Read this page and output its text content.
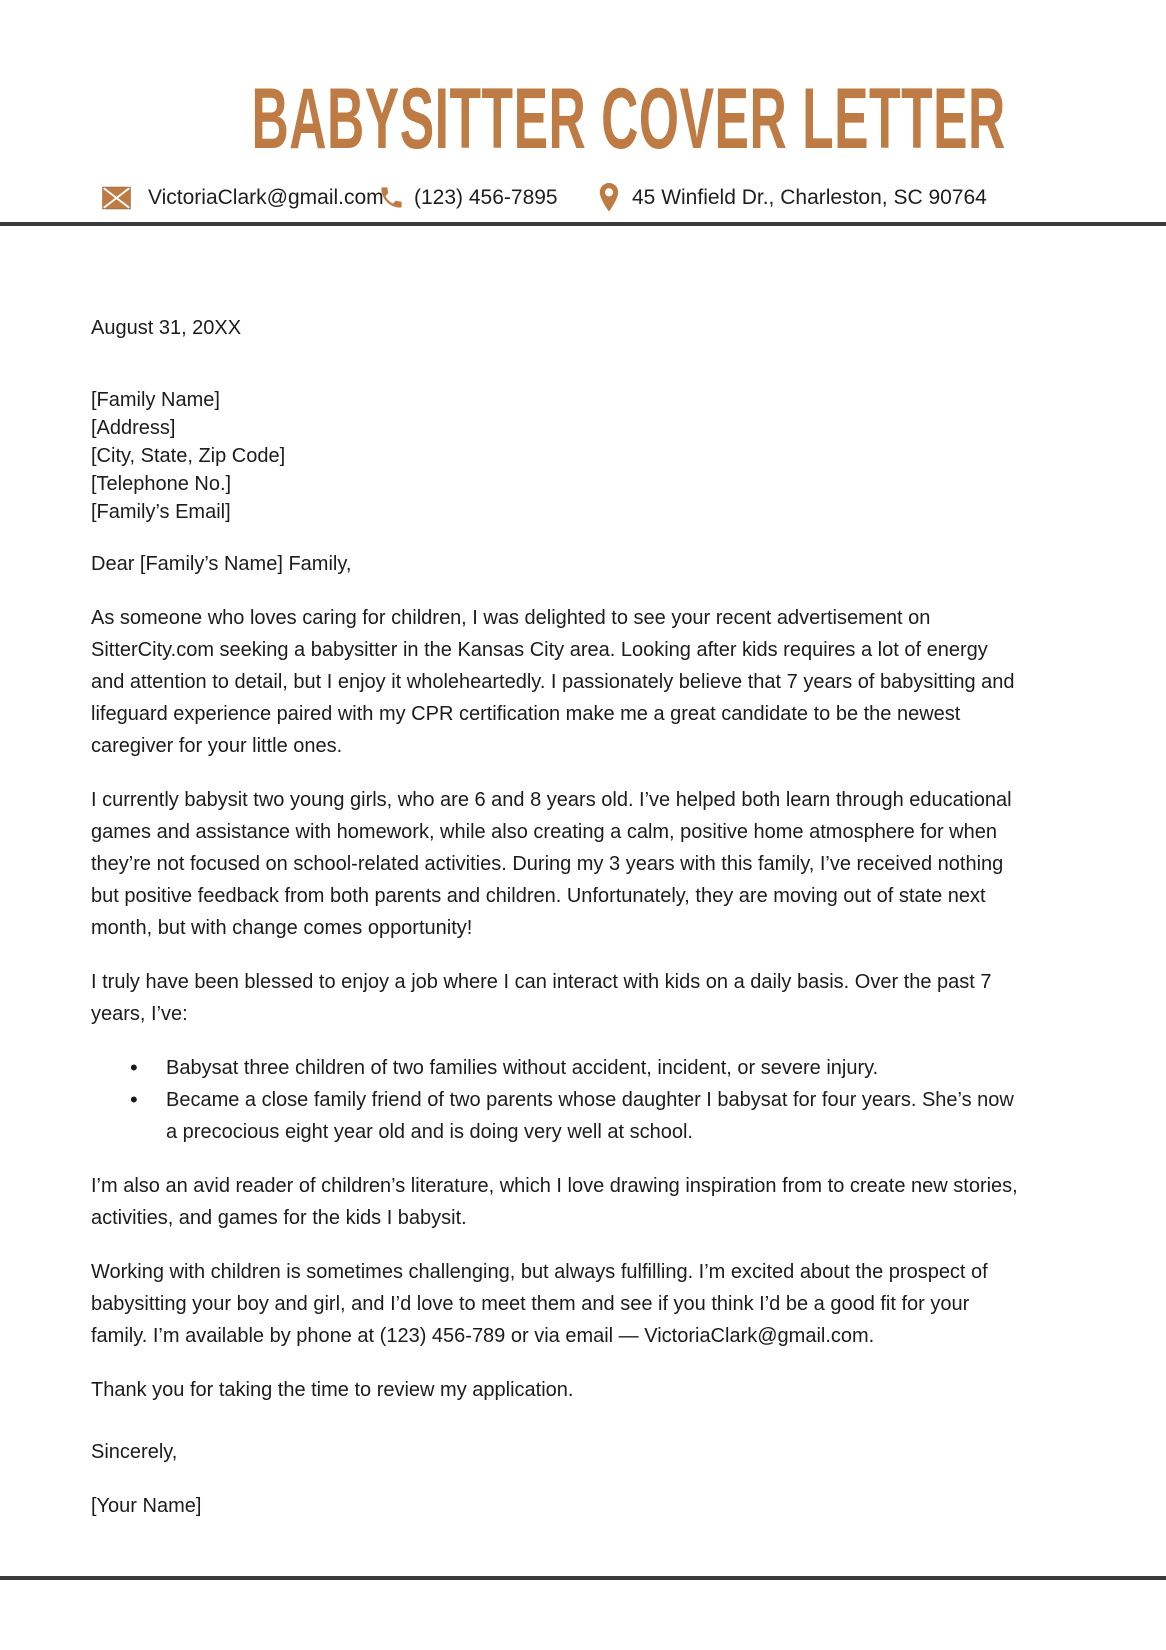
BABYSITTER COVER LETTER
VictoriaClark@gmail.com (123) 456-7895	45 Winfield Dr., Charleston, SC 90764

August 31, 20XX

[Family Name]
[Address]
[City, State, Zip Code]
[Telephone No.]
[Family’s Email]

Dear [Family’s Name] Family,

As someone who loves caring for children, I was delighted to see your recent advertisement on SitterCity.com seeking a babysitter in the Kansas City area. Looking after kids requires a lot of energy and attention to detail, but I enjoy it wholeheartedly. I passionately believe that 7 years of babysitting and lifeguard experience paired with my CPR certification make me a great candidate to be the newest caregiver for your little ones.

I currently babysit two young girls, who are 6 and 8 years old. I’ve helped both learn through educational games and assistance with homework, while also creating a calm, positive home atmosphere for when they’re not focused on school-related activities. During my 3 years with this family, I’ve received nothing but positive feedback from both parents and children. Unfortunately, they are moving out of state next month, but with change comes opportunity!

I truly have been blessed to enjoy a job where I can interact with kids on a daily basis. Over the past 7 years, I’ve:

• Babysat three children of two families without accident, incident, or severe injury.
• Became a close family friend of two parents whose daughter I babysat for four years. She’s now a precocious eight year old and is doing very well at school.

I’m also an avid reader of children’s literature, which I love drawing inspiration from to create new stories, activities, and games for the kids I babysit.

Working with children is sometimes challenging, but always fulfilling. I’m excited about the prospect of babysitting your boy and girl, and I’d love to meet them and see if you think I’d be a good fit for your family. I’m available by phone at (123) 456-789 or via email — VictoriaClark@gmail.com.

Thank you for taking the time to review my application.

Sincerely,

[Your Name]
